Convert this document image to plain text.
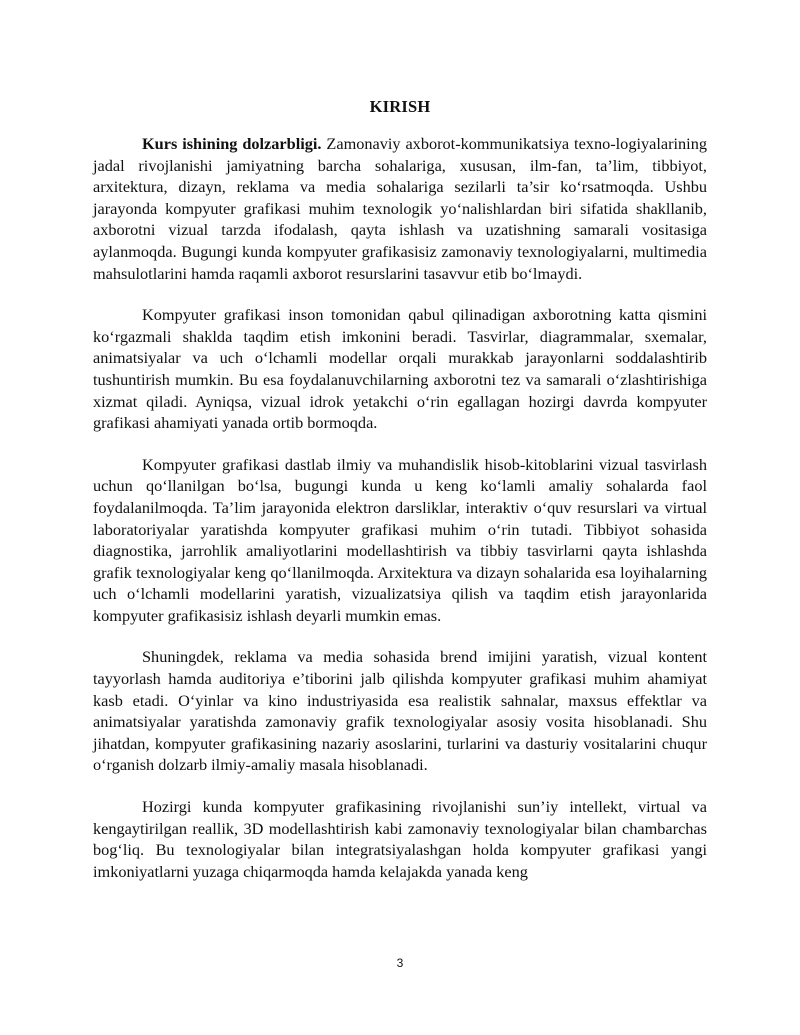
KIRISH

Kurs ishining dolzarbligi. Zamonaviy axborot-kommunikatsiya texno-logiyalarining jadal rivojlanishi jamiyatning barcha sohalariga, xususan, ilm-fan, ta’lim, tibbiyot, arxitektura, dizayn, reklama va media sohalariga sezilarli ta’sir ko‘rsatmoqda. Ushbu jarayonda kompyuter grafikasi muhim texnologik yo‘nalishlardan biri sifatida shakllanib, axborotni vizual tarzda ifodalash, qayta ishlash va uzatishning samarali vositasiga aylanmoqda. Bugungi kunda kompyuter grafikasisiz zamonaviy texnologiyalarni, multimedia mahsulotlarini hamda raqamli axborot resurslarini tasavvur etib bo‘lmaydi.

Kompyuter grafikasi inson tomonidan qabul qilinadigan axborotning katta qismini ko‘rgazmali shaklda taqdim etish imkonini beradi. Tasvirlar, diagrammalar, sxemalar, animatsiyalar va uch o‘lchamli modellar orqali murakkab jarayonlarni soddalashtirib tushuntirish mumkin. Bu esa foydalanuvchilarning axborotni tez va samarali o‘zlashtirishiga xizmat qiladi. Ayniqsa, vizual idrok yetakchi o‘rin egallagan hozirgi davrda kompyuter grafikasi ahamiyati yanada ortib bormoqda.

Kompyuter grafikasi dastlab ilmiy va muhandislik hisob-kitoblarini vizual tasvirlash uchun qo‘llanilgan bo‘lsa, bugungi kunda u keng ko‘lamli amaliy sohalarda faol foydalanilmoqda. Ta’lim jarayonida elektron darsliklar, interaktiv o‘quv resurslari va virtual laboratoriyalar yaratishda kompyuter grafikasi muhim o‘rin tutadi. Tibbiyot sohasida diagnostika, jarrohlik amaliyotlarini modellashtirish va tibbiy tasvirlarni qayta ishlashda grafik texnologiyalar keng qo‘llanilmoqda. Arxitektura va dizayn sohalarida esa loyihalarning uch o‘lchamli modellarini yaratish, vizualizatsiya qilish va taqdim etish jarayonlarida kompyuter grafikasisiz ishlash deyarli mumkin emas.

Shuningdek, reklama va media sohasida brend imijini yaratish, vizual kontent tayyorlash hamda auditoriya e’tiborini jalb qilishda kompyuter grafikasi muhim ahamiyat kasb etadi. O‘yinlar va kino industriyasida esa realistik sahnalar, maxsus effektlar va animatsiyalar yaratishda zamonaviy grafik texnologiyalar asosiy vosita hisoblanadi. Shu jihatdan, kompyuter grafikasining nazariy asoslarini, turlarini va dasturiy vositalarini chuqur o‘rganish dolzarb ilmiy-amaliy masala hisoblanadi.

Hozirgi kunda kompyuter grafikasining rivojlanishi sun’iy intellekt, virtual va kengaytirilgan reallik, 3D modellashtirish kabi zamonaviy texnologiyalar bilan chambarchas bog‘liq. Bu texnologiyalar bilan integratsiyalashgan holda kompyuter grafikasi yangi imkoniyatlarni yuzaga chiqarmoqda hamda kelajakda yanada keng

3
